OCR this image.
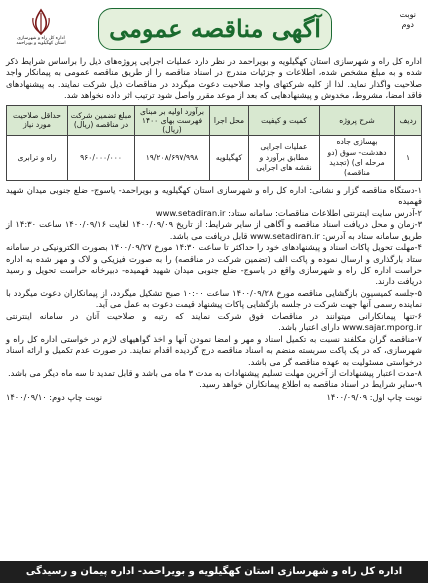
اداره کل راه و شهرسازی استان کهگیلویه و بویراحمد
آگهی مناقصه عمومی	نوبت
دوم

اداره کل راه و شهرسازی استان کهگیلویه و بویراحمد در نظر دارد عملیات اجرایی پروژه‌های ذیل را براساس شرایط ذکر شده و به مبلغ مشخص شده، اطلاعات و جزئیات مندرج در اسناد مناقصه را از طریق مناقصه عمومی به پیمانکار واجد صلاحیت واگذار نماید. لذا از کلیه شرکتهای واجد صلاحیت دعوت میگردد در مناقصات ذیل شرکت نمایند. به پیشنهادهای فاقد امضا، مشروط، مخدوش و پیشنهادهایی که بعد از موعد مقرر واصل شود ترتیب اثر داده نخواهد شد.

ردیف	شرح پروژه	کمیت و کیفیت	محل اجرا	برآورد اولیه بر مبنای فهرست بهای ۱۴۰۰ (ریال)	مبلغ تضمین شرکت در مناقصه (ریال)	حداقل صلاحیت مورد نیاز
۱	بهسازی جاده دهدشت- سوق (دو مرحله ای) (تجدید مناقصه)	عملیات اجرایی مطابق برآورد و نقشه های اجرایی	کهگیلویه	۱۹/۲۰۸/۶۹۷/۹۹۸	۹۶۰/۰۰۰/۰۰۰	راه و ترابری

۱-دستگاه مناقصه گزار و نشانی: اداره کل راه و شهرسازی استان کهگیلویه و بویراحمد- یاسوج- ضلع جنوبی میدان شهید فهمیده

۲-آدرس سایت اینترنتی اطلاعات مناقصات: سامانه ستاد: www.setadiran.ir

۳-زمان و محل دریافت اسناد مناقصه و آگاهی از سایر شرایط: از تاریخ ۱۴۰۰/۰۹/۰۹ لغایت ۱۴۰۰/۰۹/۱۶ ساعت ۱۴:۳۰ از طریق سامانه ستاد به آدرس: www.setadiran.ir قابل دریافت می باشد.

۴-مهلت تحویل پاکات اسناد و پیشنهادهای خود را حداکثر تا ساعت ۱۴:۳۰ مورخ ۱۴۰۰/۰۹/۲۷ بصورت الکترونیکی در سامانه ستاد بارگذاری و ارسال نموده و پاکت الف (تضمین شرکت در مناقصه) را به صورت فیزیکی و لاک و مهر شده به اداره حراست اداره کل راه و شهرسازی واقع در یاسوج- ضلع جنوبی میدان شهید فهمیده- دبیرخانه حراست تحویل و رسید دریافت دارند.

۵-جلسه کمیسیون بازگشایی مناقصه مورخ ۱۴۰۰/۰۹/۲۸ ساعت ۱۰:۰۰ صبح تشکیل میگردد، از پیمانکاران دعوت میگردد با نماینده رسمی آنها جهت شرکت در جلسه بازگشایی پاکات پیشنهاد قیمت دعوت به عمل می آید.

۶-تنها پیمانکارانی میتوانند در مناقصات فوق شرکت نمایند که رتبه و صلاحیت آنان در سامانه اینترنتی www.sajar.mporg.ir دارای اعتبار باشد.

۷-مناقصه گران مکلفند نسبت به تکمیل اسناد و مهر و امضا نمودن آنها و اخذ گواهیهای لازم در خواستی اداره کل راه و شهرسازی، که در یک پاکت سربسته منضم به اسناد مناقصه درج گردیده اقدام نمایند. در صورت عدم تکمیل و ارائه اسناد درخواستی مسئولیت به عهده مناقصه گر می باشد.

۸-مدت اعتبار پیشنهادات از آخرین مهلت تسلیم پیشنهادات به مدت ۳ ماه می باشد و قابل تمدید تا سه ماه دیگر می باشد.

۹-سایر شرایط در اسناد مناقصه به اطلاع پیمانکاران خواهد رسید.

نوبت چاپ اول: ۱۴۰۰/۰۹/۰۹
نوبت چاپ دوم: ۱۴۰۰/۰۹/۱۰
اداره کل راه و شهرسازی استان کهگیلویه و بویراحمد- اداره پیمان و رسیدگی
